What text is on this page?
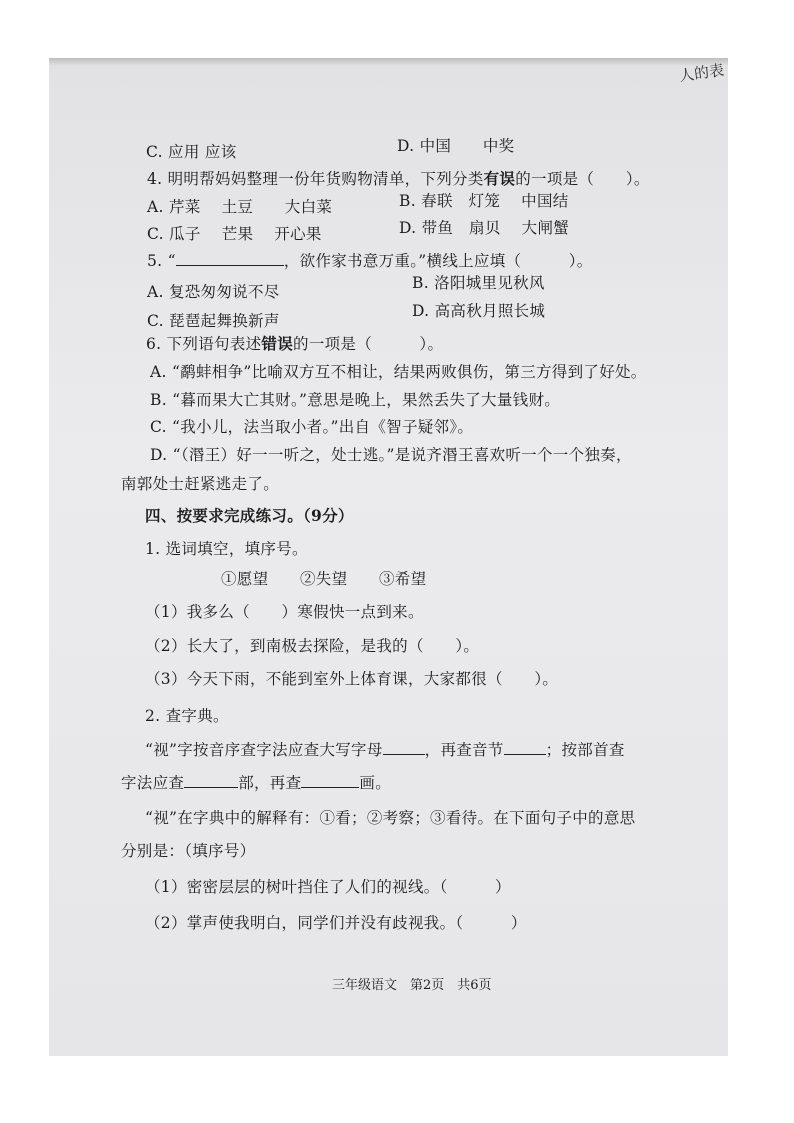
人的表
C. 应用 应该	D. 中国　　中奖
4. 明明帮妈妈整理一份年货购物清单，下列分类有误的一项是（　　）。
A. 芹菜　 土豆　　大白菜	B. 春联　灯笼　 中国结
C. 瓜子　 芒果　 开心果	D. 带鱼　扇贝　 大闸蟹
5. “	，欲作家书意万重。”横线上应填（　　　）。
A. 复恐匆匆说不尽	B. 洛阳城里见秋风
C. 琵琶起舞换新声
D. 高高秋月照长城
6. 下列语句表述错误的一项是（　　　）。
A. “鹬蚌相争”比喻双方互不相让，结果两败俱伤，第三方得到了好处。
B. “暮而果大亡其财。”意思是晚上，果然丢失了大量钱财。
C. “我小儿，法当取小者。”出自《智子疑邻》。
D. “（湣王）好一一听之，处士逃。”是说齐湣王喜欢听一个一个独奏，
南郭处士赶紧逃走了。
四、按要求完成练习。（9分）
1. 选词填空，填序号。
①愿望　　②失望　　③希望
（1）我多么（　　）寒假快一点到来。
（2）长大了，到南极去探险，是我的（　　）。
（3）今天下雨，不能到室外上体育课，大家都很（　　）。
2. 查字典。
“视”字按音序查字法应查大写字母	，再查音节	；按部首查
字法应查	部，再查	画。
“视”在字典中的解释有：①看；②考察；③看待。在下面句子中的意思
分别是：（填序号）
（1）密密层层的树叶挡住了人们的视线。（　　　）
（2）掌声使我明白，同学们并没有歧视我。（　　　）
三年级语文　第2页　共6页
